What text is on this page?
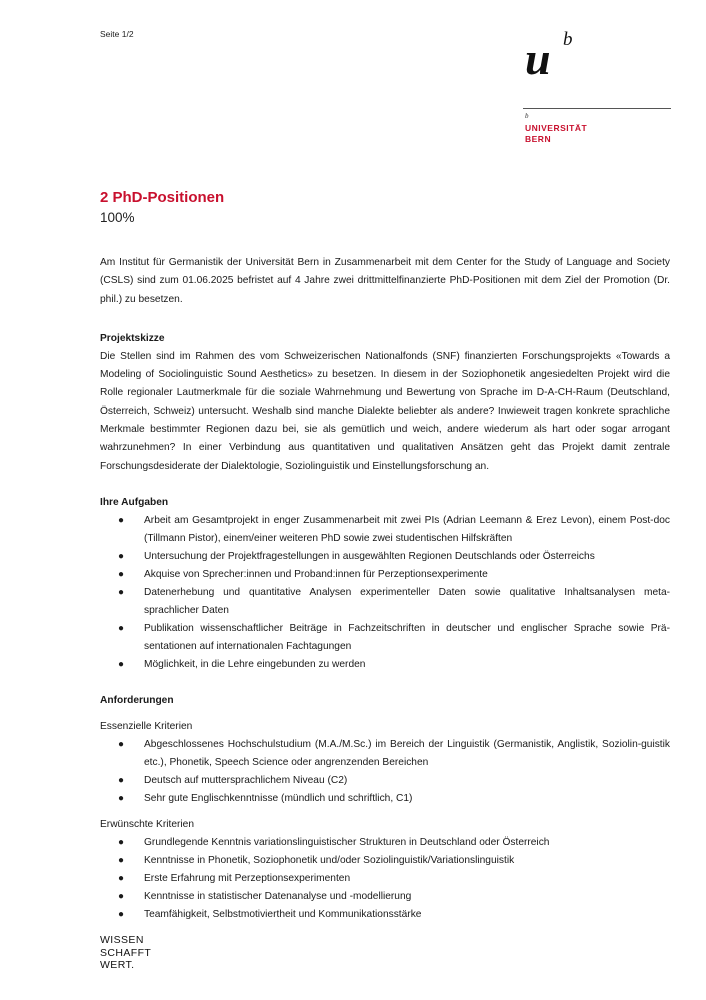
Seite 1/2	u b
b
UNIVERSITÄT
BERN
2 PhD-Positionen
100%

Am Institut für Germanistik der Universität Bern in Zusammenarbeit mit dem Center for the Study of Language and Society (CSLS) sind zum 01.06.2025 befristet auf 4 Jahre zwei drittmittelfinanzierte PhD-Positionen mit dem Ziel der Promotion (Dr. phil.) zu besetzen.

Projektskizze

Die Stellen sind im Rahmen des vom Schweizerischen Nationalfonds (SNF) finanzierten Forschungsprojekts «Towards a Modeling of Sociolinguistic Sound Aesthetics» zu besetzen. In diesem in der Soziophonetik angesiedelten Projekt wird die Rolle regionaler Lautmerkmale für die soziale Wahrnehmung und Bewertung von Sprache im D-A-CH-Raum (Deutschland, Österreich, Schweiz) untersucht. Weshalb sind manche Dialekte beliebter als andere? Inwieweit tragen konkrete sprachliche Merkmale bestimmter Regionen dazu bei, sie als gemütlich und weich, andere wiederum als hart oder sogar arrogant wahrzunehmen? In einer Verbindung aus quantitativen und qualitativen Ansätzen geht das Projekt damit zentrale Forschungsdesiderate der Dialektologie, Soziolinguistik und Einstellungsforschung an.

Ihre Aufgaben
● Arbeit am Gesamtprojekt in enger Zusammenarbeit mit zwei PIs (Adrian Leemann & Erez Levon), einem Post-doc (Tillmann Pistor), einem/einer weiteren PhD sowie zwei studentischen Hilfskräften
● Untersuchung der Projektfragestellungen in ausgewählten Regionen Deutschlands oder Österreichs
● Akquise von Sprecher:innen und Proband:innen für Perzeptionsexperimente
● Datenerhebung und quantitative Analysen experimenteller Daten sowie qualitative Inhaltsanalysen meta-sprachlicher Daten
● Publikation wissenschaftlicher Beiträge in Fachzeitschriften in deutscher und englischer Sprache sowie Prä-sentationen auf internationalen Fachtagungen
● Möglichkeit, in die Lehre eingebunden zu werden
Anforderungen
Essenzielle Kriterien
● Abgeschlossenes Hochschulstudium (M.A./M.Sc.) im Bereich der Linguistik (Germanistik, Anglistik, Soziolin-guistik etc.), Phonetik, Speech Science oder angrenzenden Bereichen
● Deutsch auf muttersprachlichem Niveau (C2)
● Sehr gute Englischkenntnisse (mündlich und schriftlich, C1)
Erwünschte Kriterien
● Grundlegende Kenntnis variationslinguistischer Strukturen in Deutschland oder Österreich
● Kenntnisse in Phonetik, Soziophonetik und/oder Soziolinguistik/Variationslinguistik
● Erste Erfahrung mit Perzeptionsexperimenten
● Kenntnisse in statistischer Datenanalyse und -modellierung
● Teamfähigkeit, Selbstmotiviertheit und Kommunikationsstärke
WISSEN
SCHAFFT
WERT.
